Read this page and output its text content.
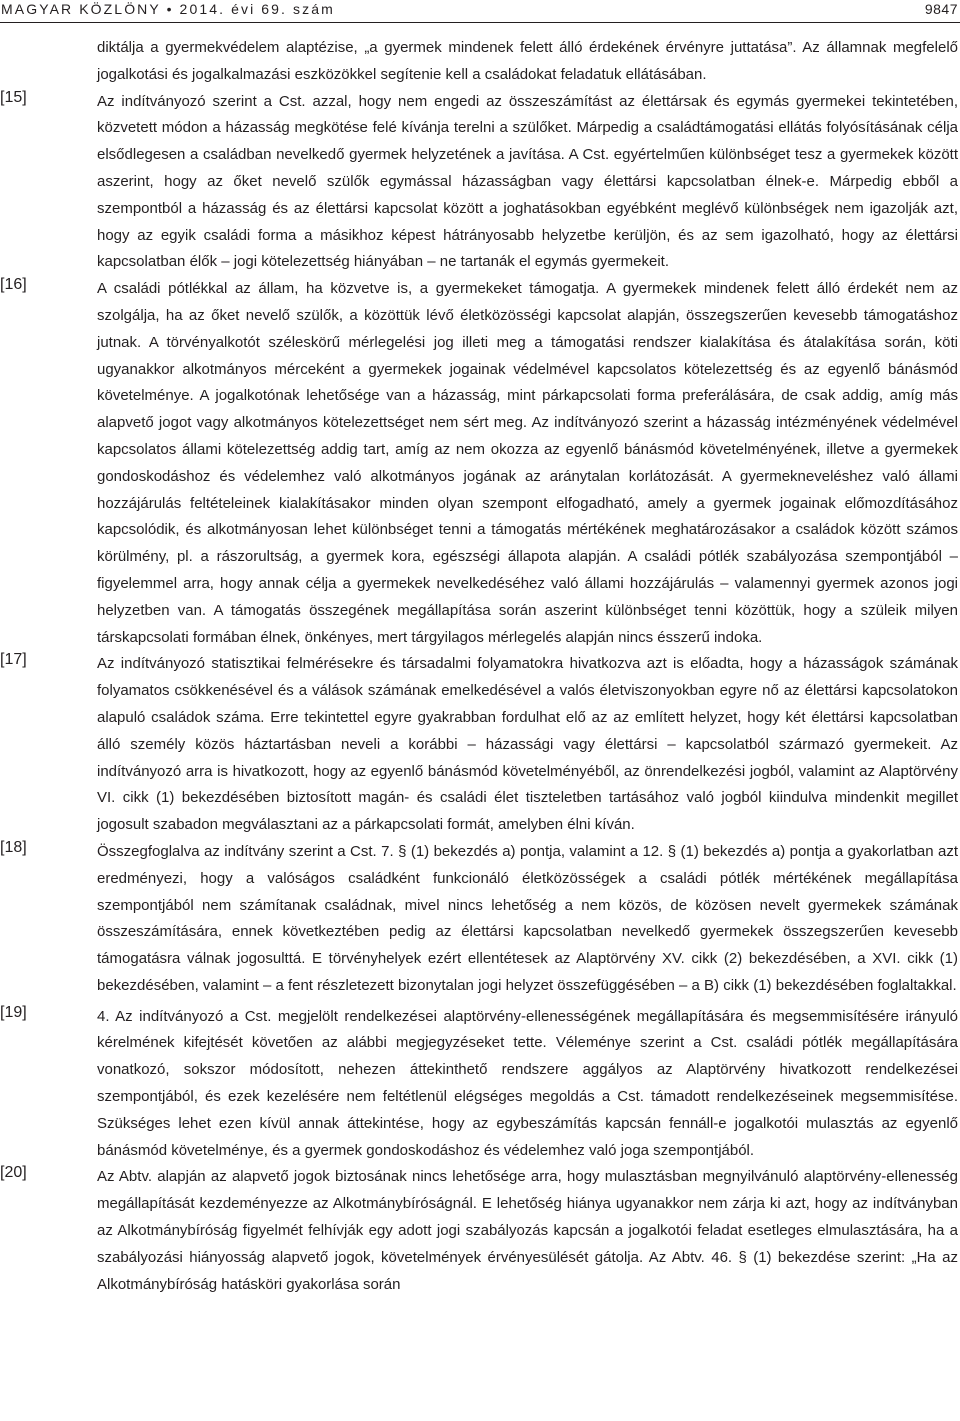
MAGYAR KÖZLÖNY • 2014. évi 69. szám	9847
diktálja a gyermekvédelem alaptézise, „a gyermek mindenek felett álló érdekének érvényre juttatása”. Az államnak megfelelő jogalkotási és jogalkalmazási eszközökkel segítenie kell a családokat feladatuk ellátásában.
[15]	Az indítványozó szerint a Cst. azzal, hogy nem engedi az összeszámítást az élettársak és egymás gyermekei tekintetében, közvetett módon a házasság megkötése felé kívánja terelni a szülőket. Márpedig a családtámogatási ellátás folyósításának célja elsődlegesen a családban nevelkedő gyermek helyzetének a javítása. A Cst. egyértelműen különbséget tesz a gyermekek között aszerint, hogy az őket nevelő szülők egymással házasságban vagy élettársi kapcsolatban élnek-e. Márpedig ebből a szempontból a házasság és az élettársi kapcsolat között a joghatásokban egyébként meglévő különbségek nem igazolják azt, hogy az egyik családi forma a másikhoz képest hátrányosabb helyzetbe kerüljön, és az sem igazolható, hogy az élettársi kapcsolatban élők – jogi kötelezettség hiányában – ne tartanák el egymás gyermekeit.
[16]	A családi pótlékkal az állam, ha közvetve is, a gyermekeket támogatja. A gyermekek mindenek felett álló érdekét nem az szolgálja, ha az őket nevelő szülők, a közöttük lévő életközösségi kapcsolat alapján, összegszerűen kevesebb támogatáshoz jutnak. A törvényalkotót széleskörű mérlegelési jog illeti meg a támogatási rendszer kialakítása és átalakítása során, köti ugyanakkor alkotmányos mérceként a gyermekek jogainak védelmével kapcsolatos kötelezettség és az egyenlő bánásmód követelménye. A jogalkotónak lehetősége van a házasság, mint párkapcsolati forma preferálására, de csak addig, amíg más alapvető jogot vagy alkotmányos kötelezettséget nem sért meg. Az indítványozó szerint a házasság intézményének védelmével kapcsolatos állami kötelezettség addig tart, amíg az nem okozza az egyenlő bánásmód követelményének, illetve a gyermekek gondoskodáshoz és védelemhez való alkotmányos jogának az aránytalan korlátozását. A gyermekneveléshez való állami hozzájárulás feltételeinek kialakításakor minden olyan szempont elfogadható, amely a gyermek jogainak előmozdításához kapcsolódik, és alkotmányosan lehet különbséget tenni a támogatás mértékének meghatározásakor a családok között számos körülmény, pl. a rászorultság, a gyermek kora, egészségi állapota alapján. A családi pótlék szabályozása szempontjából – figyelemmel arra, hogy annak célja a gyermekek nevelkedéséhez való állami hozzájárulás – valamennyi gyermek azonos jogi helyzetben van. A támogatás összegének megállapítása során aszerint különbséget tenni közöttük, hogy a szüleik milyen társkapcsolati formában élnek, önkényes, mert tárgyilagos mérlegelés alapján nincs ésszerű indoka.
[17]	Az indítványozó statisztikai felmérésekre és társadalmi folyamatokra hivatkozva azt is előadta, hogy a házasságok számának folyamatos csökkenésével és a válások számának emelkedésével a valós életviszonyokban egyre nő az élettársi kapcsolatokon alapuló családok száma. Erre tekintettel egyre gyakrabban fordulhat elő az az említett helyzet, hogy két élettársi kapcsolatban álló személy közös háztartásban neveli a korábbi – házassági vagy élettársi – kapcsolatból származó gyermekeit. Az indítványozó arra is hivatkozott, hogy az egyenlő bánásmód követelményéből, az önrendelkezési jogból, valamint az Alaptörvény VI. cikk (1) bekezdésében biztosított magán- és családi élet tiszteletben tartásához való jogból kiindulva mindenkit megillet jogosult szabadon megválasztani az a párkapcsolati formát, amelyben élni kíván.
[18]	Összegfoglalva az indítvány szerint a Cst. 7. § (1) bekezdés a) pontja, valamint a 12. § (1) bekezdés a) pontja a gyakorlatban azt eredményezi, hogy a valóságos családként funkcionáló életközösségek a családi pótlék mértékének megállapítása szempontjából nem számítanak családnak, mivel nincs lehetőség a nem közös, de közösen nevelt gyermekek számának összeszámítására, ennek következtében pedig az élettársi kapcsolatban nevelkedő gyermekek összegszerűen kevesebb támogatásra válnak jogosulttá. E törvényhelyek ezért ellentétesek az Alaptörvény XV. cikk (2) bekezdésében, a XVI. cikk (1) bekezdésében, valamint – a fent részletezett bizonytalan jogi helyzet összefüggésében – a B) cikk (1) bekezdésében foglaltakkal.
[19]	4. Az indítványozó a Cst. megjelölt rendelkezései alaptörvény-ellenességének megállapítására és megsemmisítésére irányuló kérelmének kifejtését követően az alábbi megjegyzéseket tette. Véleménye szerint a Cst. családi pótlék megállapítására vonatkozó, sokszor módosított, nehezen áttekinthető rendszere aggályos az Alaptörvény hivatkozott rendelkezései szempontjából, és ezek kezelésére nem feltétlenül elégséges megoldás a Cst. támadott rendelkezéseinek megsemmisítése. Szükséges lehet ezen kívül annak áttekintése, hogy az egybeszámítás kapcsán fennáll-e jogalkotói mulasztás az egyenlő bánásmód követelménye, és a gyermek gondoskodáshoz és védelemhez való joga szempontjából.
[20]	Az Abtv. alapján az alapvető jogok biztosának nincs lehetősége arra, hogy mulasztásban megnyilvánuló alaptörvény-ellenesség megállapítását kezdeményezze az Alkotmánybíróságnál. E lehetőség hiánya ugyanakkor nem zárja ki azt, hogy az indítványban az Alkotmánybíróság figyelmét felhívják egy adott jogi szabályozás kapcsán a jogalkotói feladat esetleges elmulasztására, ha a szabályozási hiányosság alapvető jogok, követelmények érvényesülését gátolja. Az Abtv. 46. § (1) bekezdése szerint: „Ha az Alkotmánybíróság hatásköri gyakorlása során
